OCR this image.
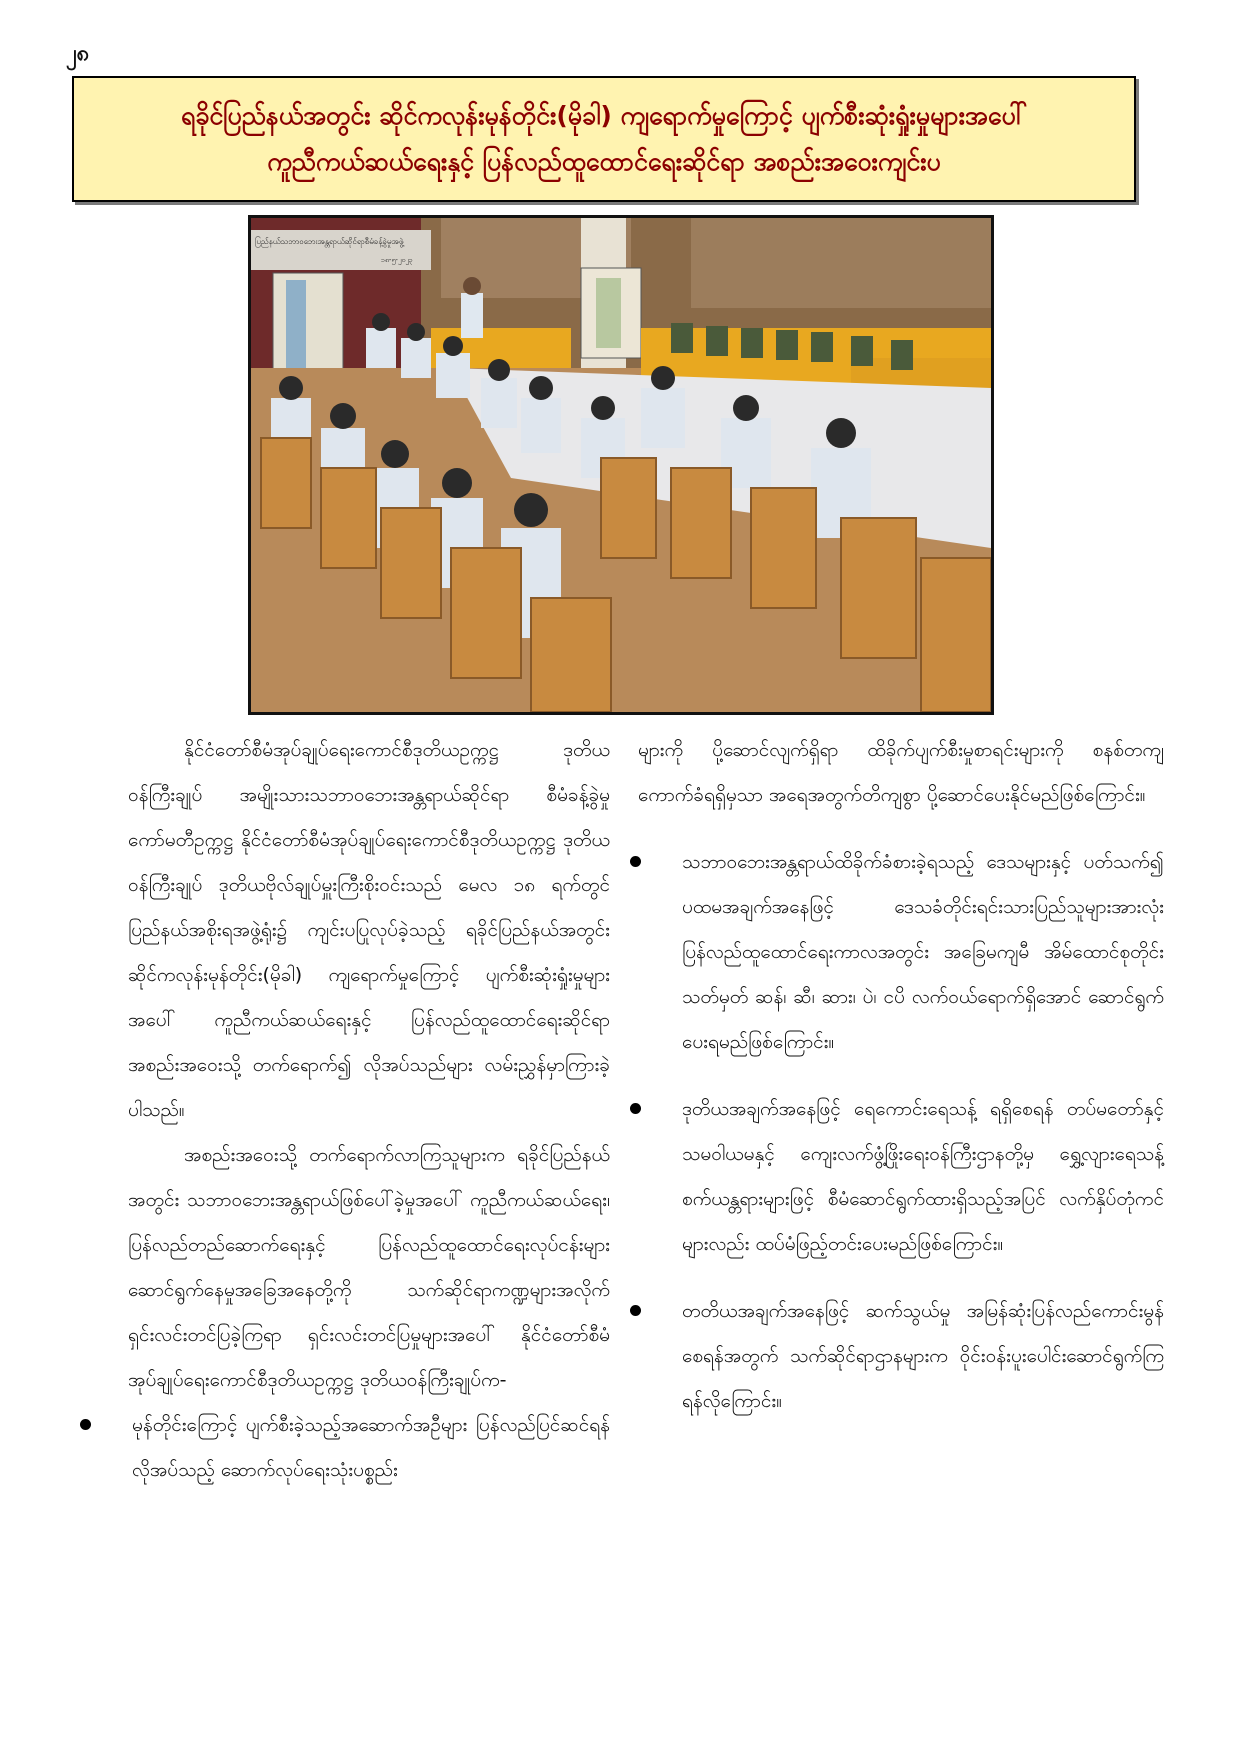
၂၈
ရခိုင်ပြည်နယ်အတွင်း ဆိုင်ကလုန်းမုန်တိုင်း(မိုခါ) ကျရောက်မှုကြောင့် ပျက်စီးဆုံးရှုံးမှုများအပေါ်
ကူညီကယ်ဆယ်ရေးနှင့် ပြန်လည်ထူထောင်ရေးဆိုင်ရာ အစည်းအဝေးကျင်းပ
ပြည်နယ်သဘာဝဘေးအန္တရာယ်ဆိုင်ရာစီမံခန့်ခွဲမှုအဖွဲ့
၁၈-၅-၂၀၂၃

နိုင်ငံတော်စီမံအုပ်ချုပ်ရေးကောင်စီဒုတိယဥက္ကဋ္ဌ ဒုတိယဝန်ကြီးချုပ် အမျိုးသားသဘာဝဘေးအန္တရာယ်ဆိုင်ရာ စီမံခန့်ခွဲမှုကော်မတီဥက္ကဋ္ဌ နိုင်ငံတော်စီမံအုပ်ချုပ်ရေးကောင်စီဒုတိယဥက္ကဋ္ဌ ဒုတိယဝန်ကြီးချုပ် ဒုတိယဗိုလ်ချုပ်မှူးကြီးစိုးဝင်းသည် မေလ ၁၈ ရက်တွင် ပြည်နယ်အစိုးရအဖွဲ့ရုံး၌ ကျင်းပပြုလုပ်ခဲ့သည့် ရခိုင်ပြည်နယ်အတွင်း ဆိုင်ကလုန်းမုန်တိုင်း(မိုခါ) ကျရောက်မှုကြောင့် ပျက်စီးဆုံးရှုံးမှုများအပေါ် ကူညီကယ်ဆယ်ရေးနှင့် ပြန်လည်ထူထောင်ရေးဆိုင်ရာ အစည်းအဝေးသို့ တက်ရောက်၍ လိုအပ်သည်များ လမ်းညွှန်မှာကြားခဲ့ပါသည်။

အစည်းအဝေးသို့ တက်ရောက်လာကြသူများက ရခိုင်ပြည်နယ်အတွင်း သဘာဝဘေးအန္တရာယ်ဖြစ်ပေါ်ခဲ့မှုအပေါ် ကူညီကယ်ဆယ်ရေး၊ ပြန်လည်တည်ဆောက်ရေးနှင့် ပြန်လည်ထူထောင်ရေးလုပ်ငန်းများ ဆောင်ရွက်နေမှုအခြေအနေတို့ကို သက်ဆိုင်ရာကဏ္ဍများအလိုက် ရှင်းလင်းတင်ပြခဲ့ကြရာ ရှင်းလင်းတင်ပြမှုများအပေါ် နိုင်ငံတော်စီမံအုပ်ချုပ်ရေးကောင်စီဒုတိယဥက္ကဋ္ဌ ဒုတိယဝန်ကြီးချုပ်က-

မုန်တိုင်းကြောင့် ပျက်စီးခဲ့သည့်အဆောက်အဦများ ပြန်လည်ပြင်ဆင်ရန် လိုအပ်သည့် ဆောက်လုပ်ရေးသုံးပစ္စည်း

များကို ပို့ဆောင်လျက်ရှိရာ ထိခိုက်ပျက်စီးမှုစာရင်းများကို စနစ်တကျ ကောက်ခံရရှိမှသာ အရေအတွက်တိကျစွာ ပို့ဆောင်ပေးနိုင်မည်ဖြစ်ကြောင်း။

သဘာဝဘေးအန္တရာယ်ထိခိုက်ခံစားခဲ့ရသည့် ဒေသများနှင့် ပတ်သက်၍ ပထမအချက်အနေဖြင့် ဒေသခံတိုင်းရင်းသားပြည်သူများအားလုံး ပြန်လည်ထူထောင်ရေးကာလအတွင်း အခြေမကျမီ အိမ်ထောင်စုတိုင်း သတ်မှတ် ဆန်၊ ဆီ၊ ဆား၊ ပဲ၊ ငပိ လက်ဝယ်ရောက်ရှိအောင် ဆောင်ရွက်ပေးရမည်ဖြစ်ကြောင်း။

ဒုတိယအချက်အနေဖြင့် ရေကောင်းရေသန့် ရရှိစေရန် တပ်မတော်နှင့် သမဝါယမနှင့် ကျေးလက်ဖွံ့ဖြိုးရေးဝန်ကြီးဌာနတို့မှ ရွှေ့လျားရေသန့် စက်ယန္တရားများဖြင့် စီမံဆောင်ရွက်ထားရှိသည့်အပြင် လက်နှိပ်တုံကင်များလည်း ထပ်မံဖြည့်တင်းပေးမည်ဖြစ်ကြောင်း။

တတိယအချက်အနေဖြင့် ဆက်သွယ်မှု အမြန်ဆုံးပြန်လည်ကောင်းမွန်စေရန်အတွက် သက်ဆိုင်ရာဌာနများက ဝိုင်းဝန်းပူးပေါင်းဆောင်ရွက်ကြရန်လိုကြောင်း။
